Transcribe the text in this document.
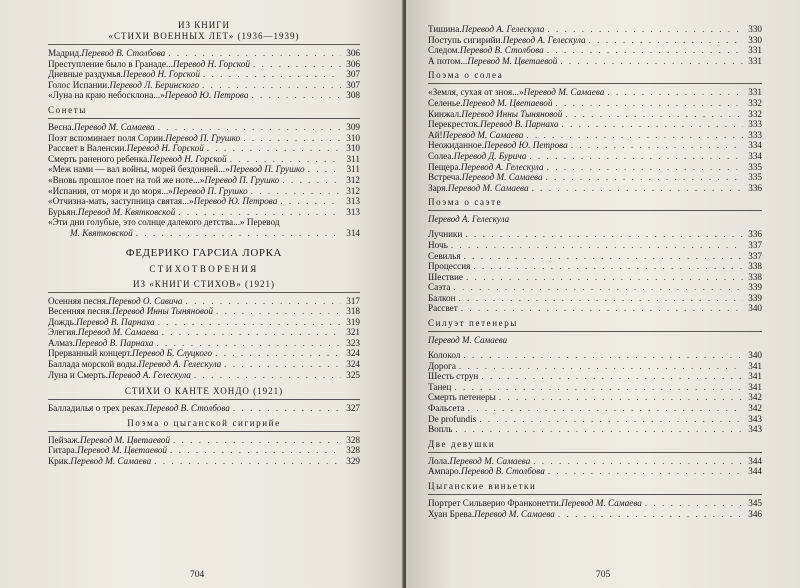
ИЗ КНИГИ
«СТИХИ ВОЕННЫХ ЛЕТ» (1936—1939)
Мадрид. Перевод В. Столбова . . .	306
Преступление было в Гранаде... Перевод Н. Горской . . .	306
Дневные раздумья. Перевод Н. Горской . . .	307
Голос Испании. Перевод Л. Беринского . . .	307
«Луна на краю небосклона...» Перевод Ю. Петрова . . .	308
Сонеты
Весна. Перевод М. Самаева . . .	309
Поэт вспоминает поля Сории. Перевод П. Грушко . . .	310
Рассвет в Валенсии. Перевод Н. Горской . . .	310
Смерть раненого ребенка. Перевод Н. Горской . . .	311
«Меж нами — вал войны, морей бездонней...» Перевод П. Грушко . . .	311
«Вновь прошлое поет на той же ноте...» Перевод П. Грушко . . .	312
«Испания, от моря и до моря...» Перевод П. Грушко . . .	312
«Отчизна-мать, заступница святая...» Перевод Ю. Петрова . . .	313
Бурьян. Перевод М. Квятковской . . .	313
«Эти дни голубые, это солнце далекого детства...» Перевод
М. Квятковской . . .	314
ФЕДЕРИКО ГАРСИА ЛОРКА
СТИХОТВОРЕНИЯ
ИЗ «КНИГИ СТИХОВ» (1921)
Осенняя песня. Перевод О. Савича . . .	317
Весенняя песня. Перевод Инны Тыняновой . . .	318
Дождь. Перевод В. Парнаха . . .	319
Элегия. Перевод М. Самаева . . .	321
Алмаз. Перевод В. Парнаха . . .	323
Прерванный концерт. Перевод Б. Слуцкого . . .	324
Баллада морской воды. Перевод А. Гелескула . . .	324
Луна и Смерть. Перевод А. Гелескула . . .	325
СТИХИ О КАНТЕ ХОНДО (1921)
Балладилья о трех реках. Перевод В. Столбова . . .	327
Поэма о цыганской сигирийе
Пейзаж. Перевод М. Цветаевой . . .	328
Гитара. Перевод М. Цветаевой . . .	328
Крик. Перевод М. Самаева . . .	329
704
Тишина. Перевод А. Гелескула . . .	330
Поступь сигирийи. Перевод А. Гелескула . . .	330
Следом. Перевод В. Столбова . . .	331
А потом... Перевод М. Цветаевой . . .	331
Поэма о солеа
«Земля, сухая от зноя...» Перевод М. Самаева . . .	331
Селенье. Перевод М. Цветаевой . . .	332
Кинжал. Перевод Инны Тыняновой . . .	332
Перекресток. Перевод В. Парнаха . . .	333
Ай! Перевод М. Самаева . . .	333
Неожиданное. Перевод Ю. Петрова . . .	334
Солеа. Перевод Д. Бурича . . .	334
Пещера. Перевод А. Гелескула . . .	335
Встреча. Перевод М. Самаева . . .	335
Заря. Перевод М. Самаева . . .	336
Поэма о саэте
Перевод А. Гелескула
Лучники . . .	336
Ночь . . .	337
Севилья . . .	337
Процессия . . .	338
Шествие . . .	338
Саэта . . .	339
Балкон . . .	339
Рассвет . . .	340
Силуэт петенеры
Перевод М. Самаева
Колокол . . .	340
Дорога . . .	341
Шесть струн . . .	341
Танец . . .	341
Смерть петенеры . . .	342
Фальсета . . .	342
De profundis . . .	343
Вопль . . .	343
Две девушки
Лола. Перевод М. Самаева . . .	344
Ампаро. Перевод В. Столбова . . .	344
Цыганские виньетки
Портрет Сильверио Франконетти. Перевод М. Самаева . . .	345
Хуан Брева. Перевод М. Самаева . . .	346
705
